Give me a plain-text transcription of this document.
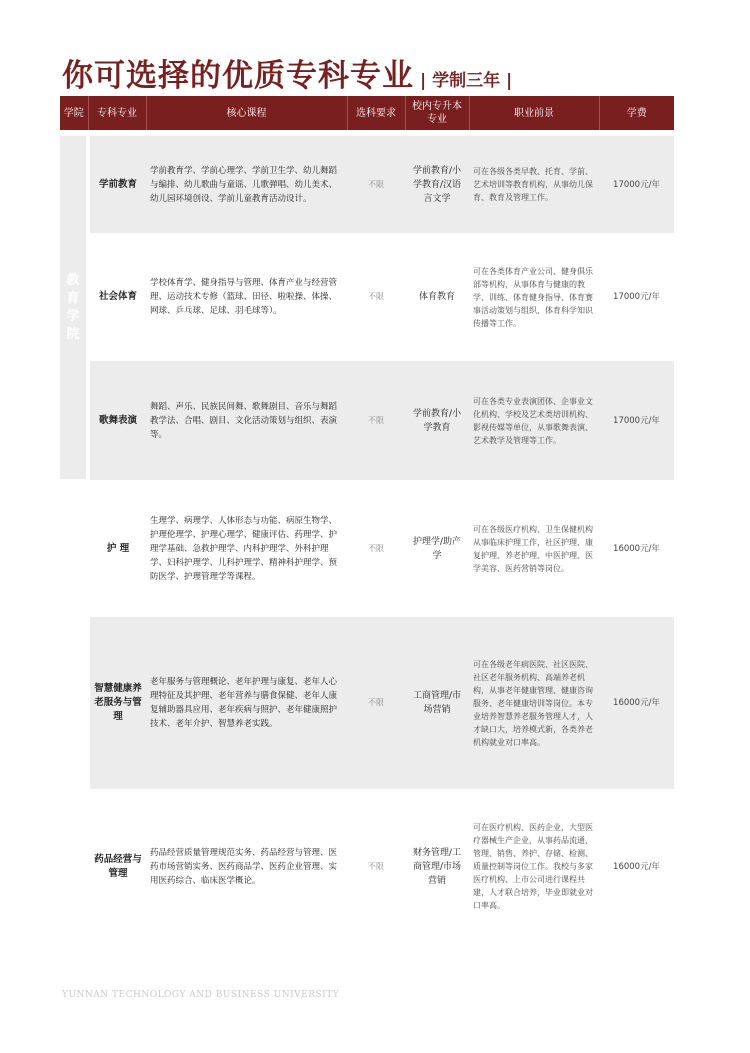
你可选择的优质专科专业 | 学制三年 |
学院	专科专业	核心课程	选科要求	校内专升本专业	职业前景	学费

教育学院	学前教育	学前教育学、学前心理学、学前卫生学、幼儿舞蹈与编排、幼儿歌曲与童谣、儿歌弹唱、幼儿美术、幼儿园环境创设、学前儿童教育活动设计。	不限	学前教育/小学教育/汉语言文学	可在各级各类早教、托育、学前、艺术培训等教育机构，从事幼儿保育、教育及管理工作。	17000元/年
	社会体育	学校体育学、健身指导与管理、体育产业与经营管理、运动技术专修（篮球、田径、啦啦操、体操、网球、乒乓球、足球、羽毛球等）。	不限	体育教育	可在各类体育产业公司、健身俱乐部等机构，从事体育与健康的教学、训练、体育健身指导、体育赛事活动策划与组织、体育科学知识传播等工作。	17000元/年
	歌舞表演	舞蹈、声乐、民族民间舞、歌舞剧目、音乐与舞蹈教学法、合唱、剧目、文化活动策划与组织、表演等。	不限	学前教育/小学教育	可在各类专业表演团体、企事业文化机构、学校及艺术类培训机构、影视传媒等单位，从事歌舞表演、艺术教学及管理等工作。	17000元/年
大健康学院	护 理	生理学、病理学、人体形态与功能、病原生物学、护理伦理学、护理心理学、健康评估、药理学、护理学基础、急救护理学、内科护理学、外科护理学、妇科护理学、儿科护理学、精神科护理学、预防医学、护理管理学等课程。	不限	护理学/助产学	可在各级医疗机构、卫生保健机构从事临床护理工作，社区护理、康复护理、养老护理、中医护理、医学美容、医药营销等岗位。	16000元/年
	智慧健康养老服务与管理	老年服务与管理概论、老年护理与康复、老年人心理特征及其护理、老年营养与膳食保健、老年人康复辅助器具应用、老年疾病与照护、老年健康照护技术、老年介护、智慧养老实践。	不限	工商管理/市场营销	可在各级老年病医院、社区医院、社区老年服务机构、高端养老机构，从事老年健康管理、健康咨询服务、老年健康培训等岗位。本专业培养智慧养老服务管理人才，人才缺口大，培养模式新，各类养老机构就业对口率高。	16000元/年
	药品经营与管理	药品经营质量管理规范实务、药品经营与管理、医药市场营销实务、医药商品学、医药企业管理、实用医药综合、临床医学概论。	不限	财务管理/工商管理/市场营销	可在医疗机构、医药企业，大型医疗器械生产企业，从事药品流通、管理、销售、养护、存储、检测、质量控制等岗位工作。我校与多家医疗机构、上市公司进行课程共建，人才联合培养，毕业即就业对口率高。	16000元/年
YUNNAN TECHNOLOGY AND BUSINESS UNIVERSITY
